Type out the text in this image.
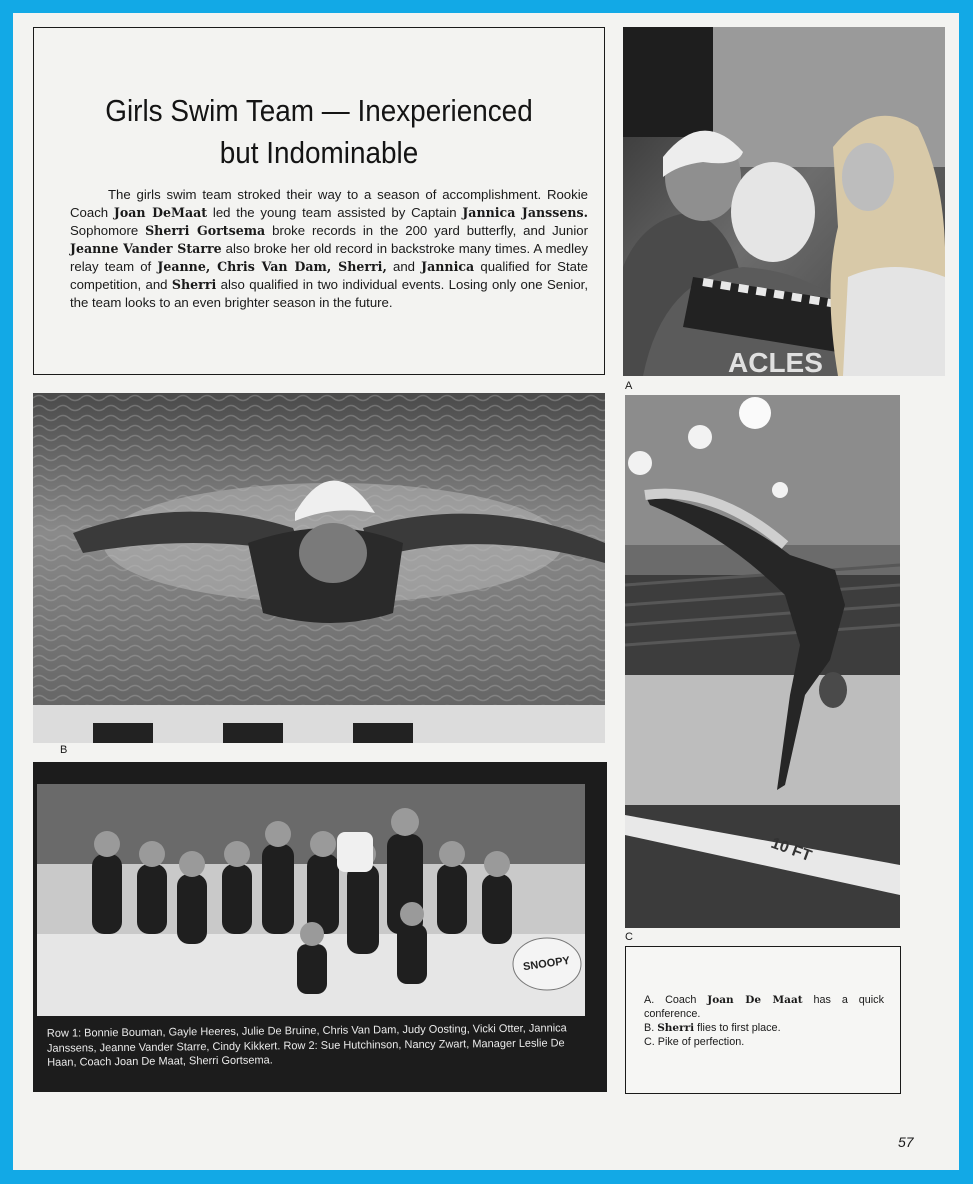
Girls Swim Team — Inexperienced
but Indominable
The girls swim team stroked their way to a season of accomplishment. Rookie Coach Joan DeMaat led the young team assisted by Captain Jannica Janssens. Sophomore Sherri Gortsema broke records in the 200 yard butterfly, and Junior Jeanne Vander Starre also broke her old record in backstroke many times. A medley relay team of Jeanne, Chris Van Dam, Sherri, and Jannica qualified for State competition, and Sherri also qualified in two individual events. Losing only one Senior, the team looks to an even brighter season in the future.
ACLES
A
B
10 FT
C
SNOOPY
Row 1: Bonnie Bouman, Gayle Heeres, Julie De Bruine, Chris Van Dam, Judy Oosting, Vicki Otter, Jannica Janssens, Jeanne Vander Starre, Cindy Kikkert. Row 2: Sue Hutchinson, Nancy Zwart, Manager Leslie De Haan, Coach Joan De Maat, Sherri Gortsema.
A. Coach Joan De Maat has a quick conference.
B. Sherri flies to first place.
C. Pike of perfection.
57
